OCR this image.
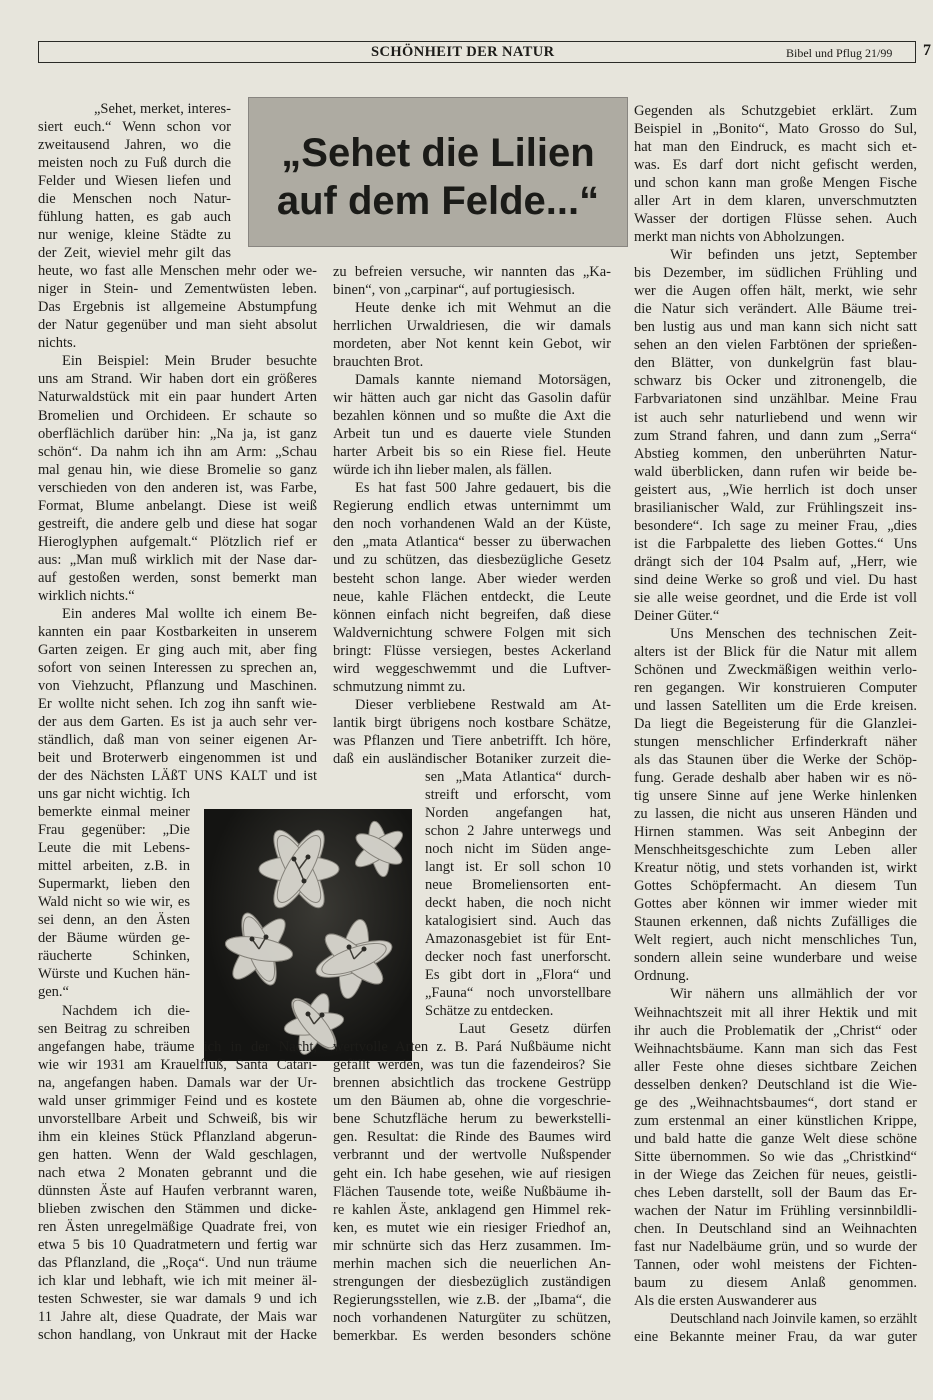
SCHÖNHEIT DER NATUR	Bibel und Pflug 21/99 7
„Sehet die Lilien
auf dem Felde...“
„Sehet, merket, interes-
siert euch.“ Wenn schon vor
zweitausend Jahren, wo die
meisten noch zu Fuß durch die
Felder und Wiesen liefen und
die Menschen noch Natur-
fühlung hatten, es gab auch
nur wenige, kleine Städte zu
der Zeit, wieviel mehr gilt das
heute, wo fast alle Menschen mehr oder we-
niger in Stein- und Zementwüsten leben.
Das Ergebnis ist allgemeine Abstumpfung
der Natur gegenüber und man sieht absolut
nichts.
Ein Beispiel: Mein Bruder besuchte
uns am Strand. Wir haben dort ein größeres
Naturwaldstück mit ein paar hundert Arten
Bromelien und Orchideen. Er schaute so
oberflächlich darüber hin: „Na ja, ist ganz
schön“. Da nahm ich ihn am Arm: „Schau
mal genau hin, wie diese Bromelie so ganz
verschieden von den anderen ist, was Farbe,
Format, Blume anbelangt. Diese ist weiß
gestreift, die andere gelb und diese hat sogar
Hieroglyphen aufgemalt.“ Plötzlich rief er
aus: „Man muß wirklich mit der Nase dar-
auf gestoßen werden, sonst bemerkt man
wirklich nichts.“
Ein anderes Mal wollte ich einem Be-
kannten ein paar Kostbarkeiten in unserem
Garten zeigen. Er ging auch mit, aber fing
sofort von seinen Interessen zu sprechen an,
von Viehzucht, Pflanzung und Maschinen.
Er wollte nicht sehen. Ich zog ihn sanft wie-
der aus dem Garten. Es ist ja auch sehr ver-
ständlich, daß man von seiner eigenen Ar-
beit und Broterwerb eingenommen ist und
der des Nächsten LÄßT UNS KALT und ist
uns gar nicht wichtig. Ich
bemerkte einmal meiner
Frau gegenüber: „Die
Leute die mit Lebens-
mittel arbeiten, z.B. in
Supermarkt, lieben den
Wald nicht so wie wir, es
sei denn, an den Ästen
der Bäume würden ge-
räucherte Schinken,
Würste und Kuchen hän-
gen.“
Nachdem ich die-
sen Beitrag zu schreiben
angefangen habe, träume ich in der Nacht,
wie wir 1931 am Krauelfluß, Santa Catari-
na, angefangen haben. Damals war der Ur-
wald unser grimmiger Feind und es kostete
unvorstellbare Arbeit und Schweiß, bis wir
ihm ein kleines Stück Pflanzland abgerun-
gen hatten. Wenn der Wald geschlagen,
nach etwa 2 Monaten gebrannt und die
dünnsten Äste auf Haufen verbrannt waren,
blieben zwischen den Stämmen und dicke-
ren Ästen unregelmäßige Quadrate frei, von
etwa 5 bis 10 Quadratmetern und fertig war
das Pflanzland, die „Roça“. Und nun träume
ich klar und lebhaft, wie ich mit meiner äl-
testen Schwester, sie war damals 9 und ich
11 Jahre alt, diese Quadrate, der Mais war
schon handlang, von Unkraut mit der Hacke
zu befreien versuche, wir nannten das „Ka-
binen“, von „carpinar“, auf portugiesisch.
Heute denke ich mit Wehmut an die
herrlichen Urwaldriesen, die wir damals
mordeten, aber Not kennt kein Gebot, wir
brauchten Brot.
Damals kannte niemand Motorsägen,
wir hätten auch gar nicht das Gasolin dafür
bezahlen können und so mußte die Axt die
Arbeit tun und es dauerte viele Stunden
harter Arbeit bis so ein Riese fiel. Heute
würde ich ihn lieber malen, als fällen.
Es hat fast 500 Jahre gedauert, bis die
Regierung endlich etwas unternimmt um
den noch vorhandenen Wald an der Küste,
den „mata Atlantica“ besser zu überwachen
und zu schützen, das diesbezügliche Gesetz
besteht schon lange. Aber wieder werden
neue, kahle Flächen entdeckt, die Leute
können einfach nicht begreifen, daß diese
Waldvernichtung schwere Folgen mit sich
bringt: Flüsse versiegen, bestes Ackerland
wird weggeschwemmt und die Luftver-
schmutzung nimmt zu.
Dieser verbliebene Restwald am At-
lantik birgt übrigens noch kostbare Schätze,
was Pflanzen und Tiere anbetrifft. Ich höre,
daß ein ausländischer Botaniker zurzeit die-
sen „Mata Atlantica“ durch-
streift und erforscht, vom
Norden angefangen hat,
schon 2 Jahre unterwegs und
noch nicht im Süden ange-
langt ist. Er soll schon 10
neue Bromeliensorten ent-
deckt haben, die noch nicht
katalogisiert sind. Auch das
Amazonasgebiet ist für Ent-
decker noch fast unerforscht.
Es gibt dort in „Flora“ und
„Fauna“ noch unvorstellbare
Schätze zu entdecken.
Laut Gesetz dürfen
wertvolle Arten z. B. Pará Nußbäume nicht
gefällt werden, was tun die fazendeiros? Sie
brennen absichtlich das trockene Gestrüpp
um den Bäumen ab, ohne die vorgeschrie-
bene Schutzfläche herum zu bewerkstelli-
gen. Resultat: die Rinde des Baumes wird
verbrannt und der wertvolle Nußspender
geht ein. Ich habe gesehen, wie auf riesigen
Flächen Tausende tote, weiße Nußbäume ih-
re kahlen Äste, anklagend gen Himmel rek-
ken, es mutet wie ein riesiger Friedhof an,
mir schnürte sich das Herz zusammen. Im-
merhin machen sich die neuerlichen An-
strengungen der diesbezüglich zuständigen
Regierungsstellen, wie z.B. der „Ibama“, die
noch vorhandenen Naturgüter zu schützen,
bemerkbar. Es werden besonders schöne
Gegenden als Schutzgebiet erklärt. Zum
Beispiel in „Bonito“, Mato Grosso do Sul,
hat man den Eindruck, es macht sich et-
was. Es darf dort nicht gefischt werden,
und schon kann man große Mengen Fische
aller Art in dem klaren, unverschmutzten
Wasser der dortigen Flüsse sehen. Auch
merkt man nichts von Abholzungen.
Wir befinden uns jetzt, September
bis Dezember, im südlichen Frühling und
wer die Augen offen hält, merkt, wie sehr
die Natur sich verändert. Alle Bäume trei-
ben lustig aus und man kann sich nicht satt
sehen an den vielen Farbtönen der sprießen-
den Blätter, von dunkelgrün fast blau-
schwarz bis Ocker und zitronengelb, die
Farbvariatonen sind unzählbar. Meine Frau
ist auch sehr naturliebend und wenn wir
zum Strand fahren, und dann zum „Serra“
Abstieg kommen, den unberührten Natur-
wald überblicken, dann rufen wir beide be-
geistert aus, „Wie herrlich ist doch unser
brasilianischer Wald, zur Frühlingszeit ins-
besondere“. Ich sage zu meiner Frau, „dies
ist die Farbpalette des lieben Gottes.“ Uns
drängt sich der 104 Psalm auf, „Herr, wie
sind deine Werke so groß und viel. Du hast
sie alle weise geordnet, und die Erde ist voll
Deiner Güter.“
Uns Menschen des technischen Zeit-
alters ist der Blick für die Natur mit allem
Schönen und Zweckmäßigen weithin verlo-
ren gegangen. Wir konstruieren Computer
und lassen Satelliten um die Erde kreisen.
Da liegt die Begeisterung für die Glanzlei-
stungen menschlicher Erfinderkraft näher
als das Staunen über die Werke der Schöp-
fung. Gerade deshalb aber haben wir es nö-
tig unsere Sinne auf jene Werke hinlenken
zu lassen, die nicht aus unseren Händen und
Hirnen stammen. Was seit Anbeginn der
Menschheitsgeschichte zum Leben aller
Kreatur nötig, und stets vorhanden ist, wirkt
Gottes Schöpfermacht. An diesem Tun
Gottes aber können wir immer wieder mit
Staunen erkennen, daß nichts Zufälliges die
Welt regiert, auch nicht menschliches Tun,
sondern allein seine wunderbare und weise
Ordnung.
Wir nähern uns allmählich der vor
Weihnachtszeit mit all ihrer Hektik und mit
ihr auch die Problematik der „Christ“ oder
Weihnachtsbäume. Kann man sich das Fest
aller Feste ohne dieses sichtbare Zeichen
desselben denken? Deutschland ist die Wie-
ge des „Weihnachtsbaumes“, dort stand er
zum erstenmal an einer künstlichen Krippe,
und bald hatte die ganze Welt diese schöne
Sitte übernommen. So wie das „Christkind“
in der Wiege das Zeichen für neues, geistli-
ches Leben darstellt, soll der Baum das Er-
wachen der Natur im Frühling versinnbildli-
chen. In Deutschland sind an Weihnachten
fast nur Nadelbäume grün, und so wurde der
Tannen, oder wohl meistens der Fichten-
baum zu diesem Anlaß genommen.
Als die ersten Auswanderer aus
Deutschland nach Joinvile kamen, so erzählt
eine Bekannte meiner Frau, da war guter
